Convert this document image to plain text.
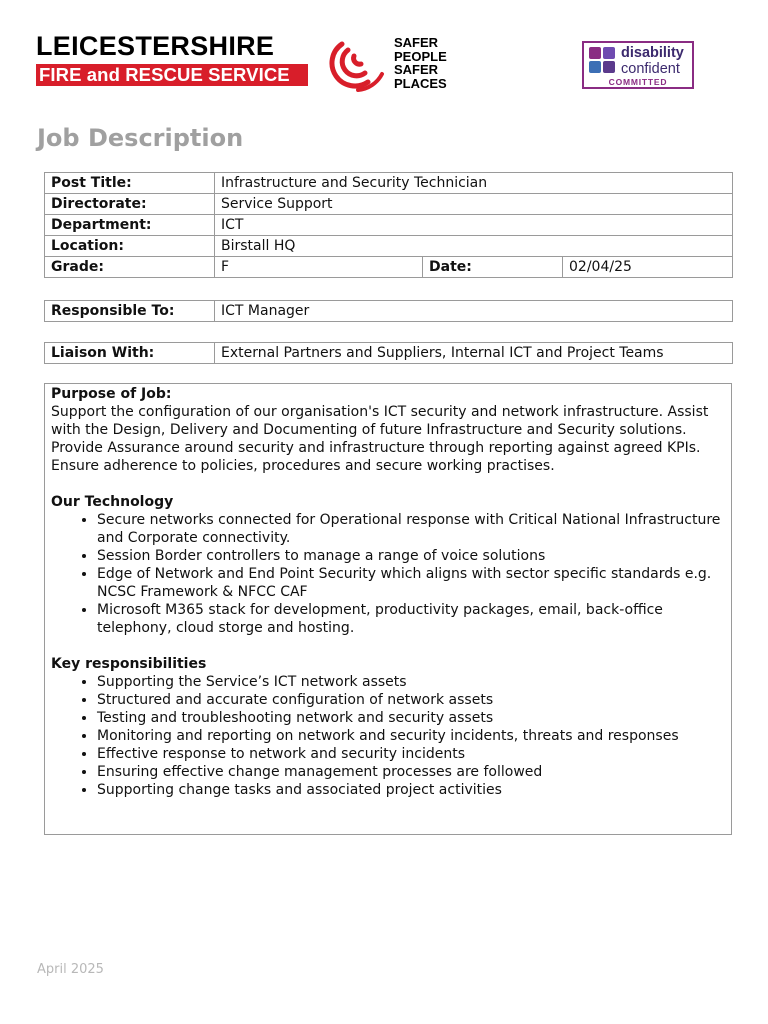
LEICESTERSHIRE
FIRE and RESCUE SERVICE
SAFER
PEOPLE
SAFER
PLACES
disability
confident
COMMITTED
Job Description
Post Title:	Infrastructure and Security Technician		
Directorate:	Service Support		
Department:	ICT		
Location:	Birstall HQ		
Grade:	F	Date:	02/04/25
Responsible To:	ICT Manager
Liaison With:	External Partners and Suppliers, Internal ICT and Project Teams
Purpose of Job:

Support the configuration of our organisation's ICT security and network infrastructure. Assist with the Design, Delivery and Documenting of future Infrastructure and Security solutions. Provide Assurance around security and infrastructure through reporting against agreed KPIs. Ensure adherence to policies, procedures and secure working practises.

Our Technology
• Secure networks connected for Operational response with Critical National Infrastructure and Corporate connectivity.
• Session Border controllers to manage a range of voice solutions
• Edge of Network and End Point Security which aligns with sector specific standards e.g. NCSC Framework & NFCC CAF
• Microsoft M365 stack for development, productivity packages, email, back-office telephony, cloud storge and hosting.
Key responsibilities
• Supporting the Service’s ICT network assets
• Structured and accurate configuration of network assets
• Testing and troubleshooting network and security assets
• Monitoring and reporting on network and security incidents, threats and responses
• Effective response to network and security incidents
• Ensuring effective change management processes are followed
• Supporting change tasks and associated project activities
April 2025
